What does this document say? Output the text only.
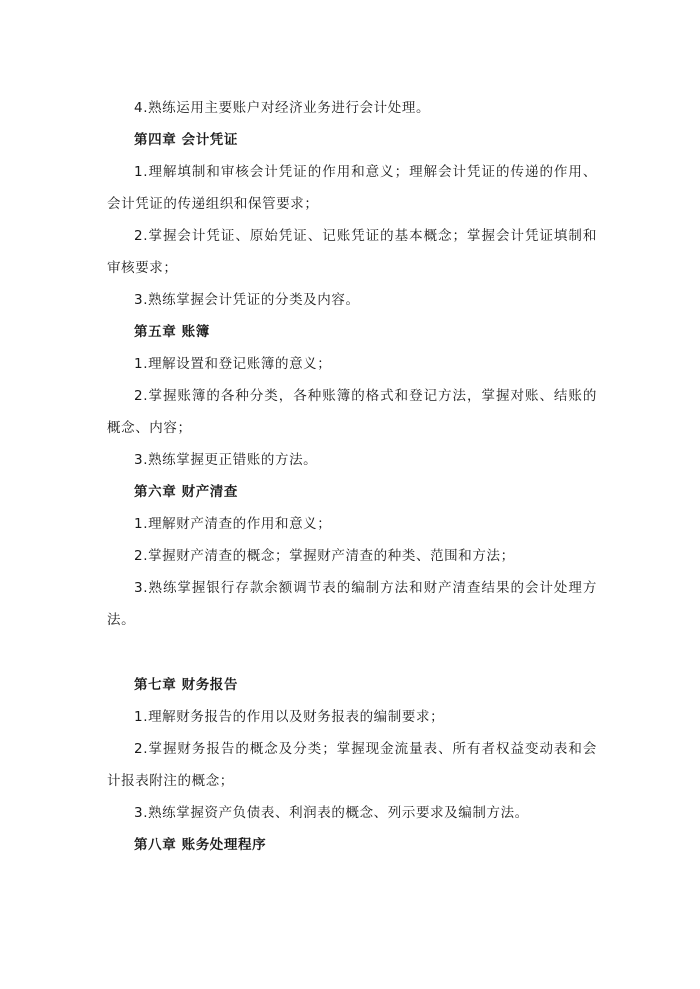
4.熟练运用主要账户对经济业务进行会计处理。

第四章 会计凭证

1.理解填制和审核会计凭证的作用和意义；理解会计凭证的传递的作用、会计凭证的传递组织和保管要求；

2.掌握会计凭证、原始凭证、记账凭证的基本概念；掌握会计凭证填制和审核要求；

3.熟练掌握会计凭证的分类及内容。

第五章 账簿

1.理解设置和登记账簿的意义；

2.掌握账簿的各种分类，各种账簿的格式和登记方法，掌握对账、结账的概念、内容；

3.熟练掌握更正错账的方法。

第六章 财产清查

1.理解财产清查的作用和意义；

2.掌握财产清查的概念；掌握财产清查的种类、范围和方法；

3.熟练掌握银行存款余额调节表的编制方法和财产清查结果的会计处理方法。

第七章 财务报告

1.理解财务报告的作用以及财务报表的编制要求；

2.掌握财务报告的概念及分类；掌握现金流量表、所有者权益变动表和会计报表附注的概念；

3.熟练掌握资产负债表、利润表的概念、列示要求及编制方法。

第八章 账务处理程序
